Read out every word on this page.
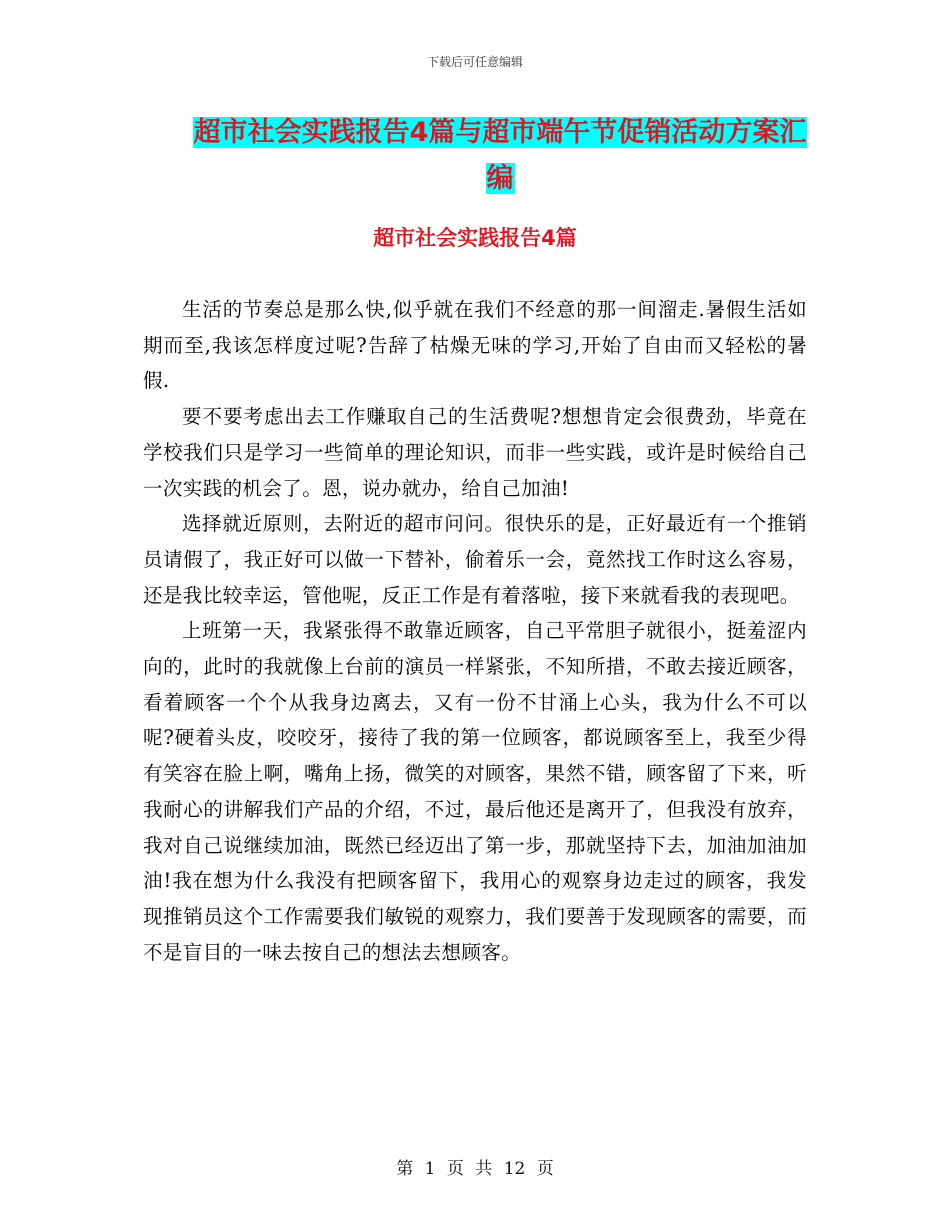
下载后可任意编辑
超市社会实践报告4篇与超市端午节促销活动方案汇编
超市社会实践报告4篇

生活的节奏总是那么快,似乎就在我们不经意的那一间溜走.暑假生活如期而至,我该怎样度过呢?告辞了枯燥无味的学习,开始了自由而又轻松的暑假.

要不要考虑出去工作赚取自己的生活费呢?想想肯定会很费劲，毕竟在学校我们只是学习一些简单的理论知识，而非一些实践，或许是时候给自己一次实践的机会了。恩，说办就办，给自己加油!

选择就近原则，去附近的超市问问。很快乐的是，正好最近有一个推销员请假了，我正好可以做一下替补，偷着乐一会，竟然找工作时这么容易，还是我比较幸运，管他呢，反正工作是有着落啦，接下来就看我的表现吧。

上班第一天，我紧张得不敢靠近顾客，自己平常胆子就很小，挺羞涩内向的，此时的我就像上台前的演员一样紧张，不知所措，不敢去接近顾客，看着顾客一个个从我身边离去，又有一份不甘涌上心头，我为什么不可以呢?硬着头皮，咬咬牙，接待了我的第一位顾客，都说顾客至上，我至少得有笑容在脸上啊，嘴角上扬，微笑的对顾客，果然不错，顾客留了下来，听我耐心的讲解我们产品的介绍，不过，最后他还是离开了，但我没有放弃，我对自己说继续加油，既然已经迈出了第一步，那就坚持下去，加油加油加油!我在想为什么我没有把顾客留下，我用心的观察身边走过的顾客，我发现推销员这个工作需要我们敏锐的观察力，我们要善于发现顾客的需要，而不是盲目的一味去按自己的想法去想顾客。

第 1 页 共 12 页
